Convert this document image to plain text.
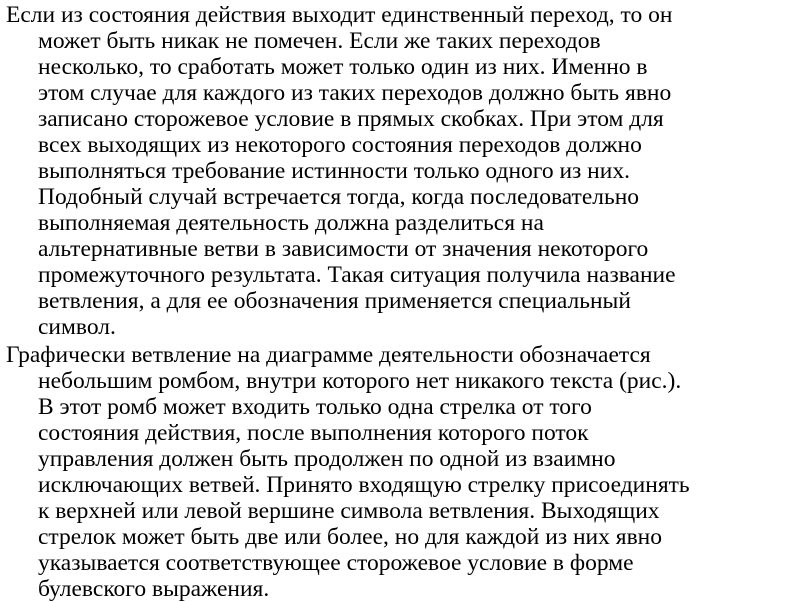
Если из состояния действия выходит единственный переход, то он
может быть никак не помечен. Если же таких переходов
несколько, то сработать может только один из них. Именно в
этом случае для каждого из таких переходов должно быть явно
записано сторожевое условие в прямых скобках. При этом для
всех выходящих из некоторого состояния переходов должно
выполняться требование истинности только одного из них.
Подобный случай встречается тогда, когда последовательно
выполняемая деятельность должна разделиться на
альтернативные ветви в зависимости от значения некоторого
промежуточного результата. Такая ситуация получила название
ветвления, а для ее обозначения применяется специальный
символ.
Графически ветвление на диаграмме деятельности обозначается
небольшим ромбом, внутри которого нет никакого текста (рис.).
В этот ромб может входить только одна стрелка от того
состояния действия, после выполнения которого поток
управления должен быть продолжен по одной из взаимно
исключающих ветвей. Принято входящую стрелку присоединять
к верхней или левой вершине символа ветвления. Выходящих
стрелок может быть две или более, но для каждой из них явно
указывается соответствующее сторожевое условие в форме
булевского выражения.
